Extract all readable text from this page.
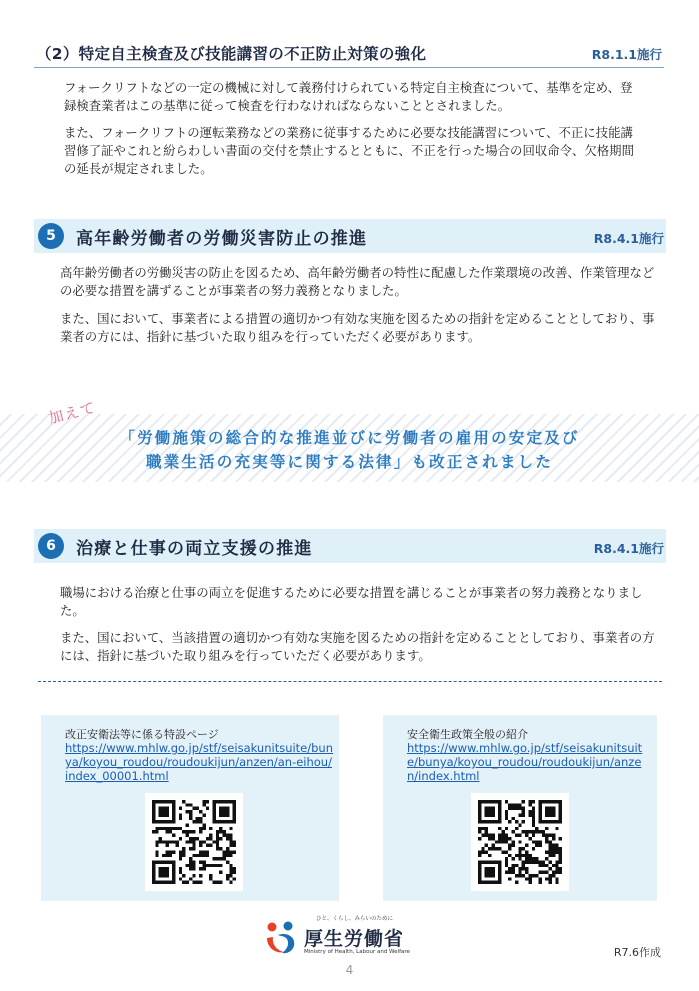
（2）特定自主検査及び技能講習の不正防止対策の強化	R8.1.1施行

フォークリフトなどの一定の機械に対して義務付けられている特定自主検査について、基準を定め、登録検査業者はこの基準に従って検査を行わなければならないこととされました。

また、フォークリフトの運転業務などの業務に従事するために必要な技能講習について、不正に技能講習修了証やこれと紛らわしい書面の交付を禁止するとともに、不正を行った場合の回収命令、欠格期間の延長が規定されました。

5	高年齢労働者の労働災害防止の推進	R8.4.1施行

高年齢労働者の労働災害の防止を図るため、高年齢労働者の特性に配慮した作業環境の改善、作業管理などの必要な措置を講ずることが事業者の努力義務となりました。

また、国において、事業者による措置の適切かつ有効な実施を図るための指針を定めることとしており、事業者の方には、指針に基づいた取り組みを行っていただく必要があります。

加えて
「労働施策の総合的な推進並びに労働者の雇用の安定及び
職業生活の充実等に関する法律」も改正されました
6	治療と仕事の両立支援の推進	R8.4.1施行

職場における治療と仕事の両立を促進するために必要な措置を講じることが事業者の努力義務となりました。

また、国において、当該措置の適切かつ有効な実施を図るための指針を定めることとしており、事業者の方には、指針に基づいた取り組みを行っていただく必要があります。

改正安衛法等に係る特設ページ
https://www.mhlw.go.jp/stf/seisakunitsuite/bunya/koyou_roudou/roudoukijun/anzen/an-eihou/index_00001.html
安全衛生政策全般の紹介
https://www.mhlw.go.jp/stf/seisakunitsuite/bunya/koyou_roudou/roudoukijun/anzen/index.html
ひと、くらし、みらいのために
厚生労働省
Ministry of Health, Labour and Welfare	R7.6作成
4
